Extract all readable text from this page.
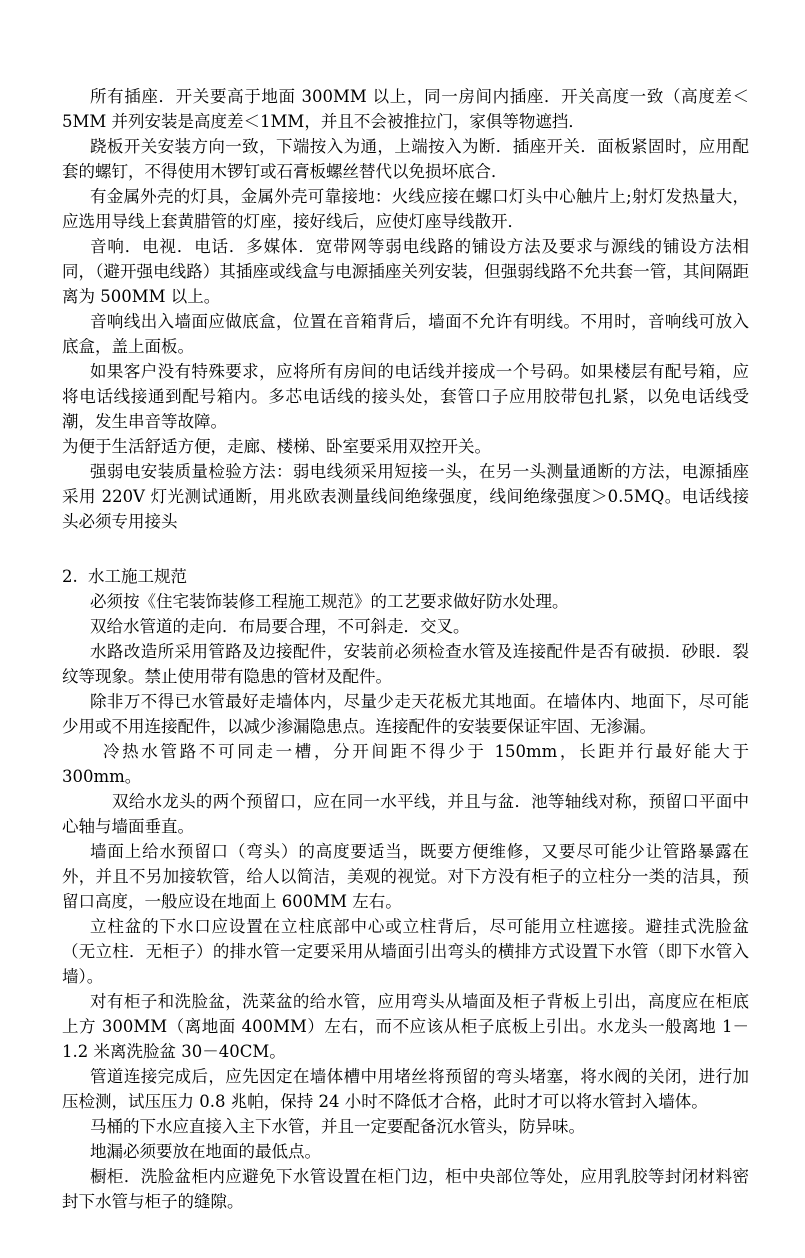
所有插座．开关要高于地面 300MM 以上，同一房间内插座．开关高度一致（高度差＜5MM 并列安装是高度差＜1MM，并且不会被推拉门，家俱等物遮挡．

跷板开关安装方向一致，下端按入为通，上端按入为断．插座开关．面板紧固时，应用配套的螺钉，不得使用木锣钉或石膏板螺丝替代以免损坏底合．

有金属外壳的灯具，金属外壳可靠接地：火线应接在螺口灯头中心触片上;射灯发热量大，应选用导线上套黄腊管的灯座，接好线后，应使灯座导线散开．

音响．电视．电话．多媒体．宽带网等弱电线路的铺设方法及要求与源线的铺设方法相同，（避开强电线路）其插座或线盒与电源插座关列安装，但强弱线路不允共套一管，其间隔距离为 500MM 以上。

音响线出入墙面应做底盒，位置在音箱背后，墙面不允许有明线。不用时，音响线可放入底盒，盖上面板。

如果客户没有特殊要求，应将所有房间的电话线并接成一个号码。如果楼层有配号箱，应将电话线接通到配号箱内。多芯电话线的接头处，套管口子应用胶带包扎紧，以免电话线受潮，发生串音等故障。

为便于生活舒适方便，走廊、楼梯、卧室要采用双控开关。

强弱电安装质量检验方法：弱电线须采用短接一头，在另一头测量通断的方法，电源插座采用 220V 灯光测试通断，用兆欧表测量线间绝缘强度，线间绝缘强度＞0.5MQ。电话线接头必须专用接头

2. 水工施工规范

必须按《住宅装饰装修工程施工规范》的工艺要求做好防水处理。

双给水管道的走向．布局要合理，不可斜走．交叉。

水路改造所采用管路及边接配件，安装前必须检查水管及连接配件是否有破损．砂眼．裂纹等现象。禁止使用带有隐患的管材及配件。

除非万不得已水管最好走墙体内，尽量少走天花板尤其地面。在墙体内、地面下，尽可能少用或不用连接配件，以减少渗漏隐患点。连接配件的安装要保证牢固、无渗漏。

冷热水管路不可同走一槽，分开间距不得少于 150mm，长距并行最好能大于 300mm。

双给水龙头的两个预留口，应在同一水平线，并且与盆．池等轴线对称，预留口平面中心轴与墙面垂直。

墙面上给水预留口（弯头）的高度要适当，既要方便维修，又要尽可能少让管路暴露在外，并且不另加接软管，给人以简洁，美观的视觉。对下方没有柜子的立柱分一类的洁具，预留口高度，一般应设在地面上 600MM 左右。

立柱盆的下水口应设置在立柱底部中心或立柱背后，尽可能用立柱遮接。避挂式洗脸盆（无立柱．无柜子）的排水管一定要采用从墙面引出弯头的横排方式设置下水管（即下水管入墙）。

对有柜子和洗脸盆，洗菜盆的给水管，应用弯头从墙面及柜子背板上引出，高度应在柜底上方 300MM（离地面 400MM）左右，而不应该从柜子底板上引出。水龙头一般离地 1－1.2 米离洗脸盆 30－40CM。

管道连接完成后，应先因定在墙体槽中用堵丝将预留的弯头堵塞，将水阀的关闭，进行加压检测，试压压力 0.8 兆帕，保持 24 小时不降低才合格，此时才可以将水管封入墙体。

马桶的下水应直接入主下水管，并且一定要配备沉水管头，防异味。

地漏必须要放在地面的最低点。

橱柜．洗脸盆柜内应避免下水管设置在柜门边，柜中央部位等处，应用乳胶等封闭材料密封下水管与柜子的缝隙。
